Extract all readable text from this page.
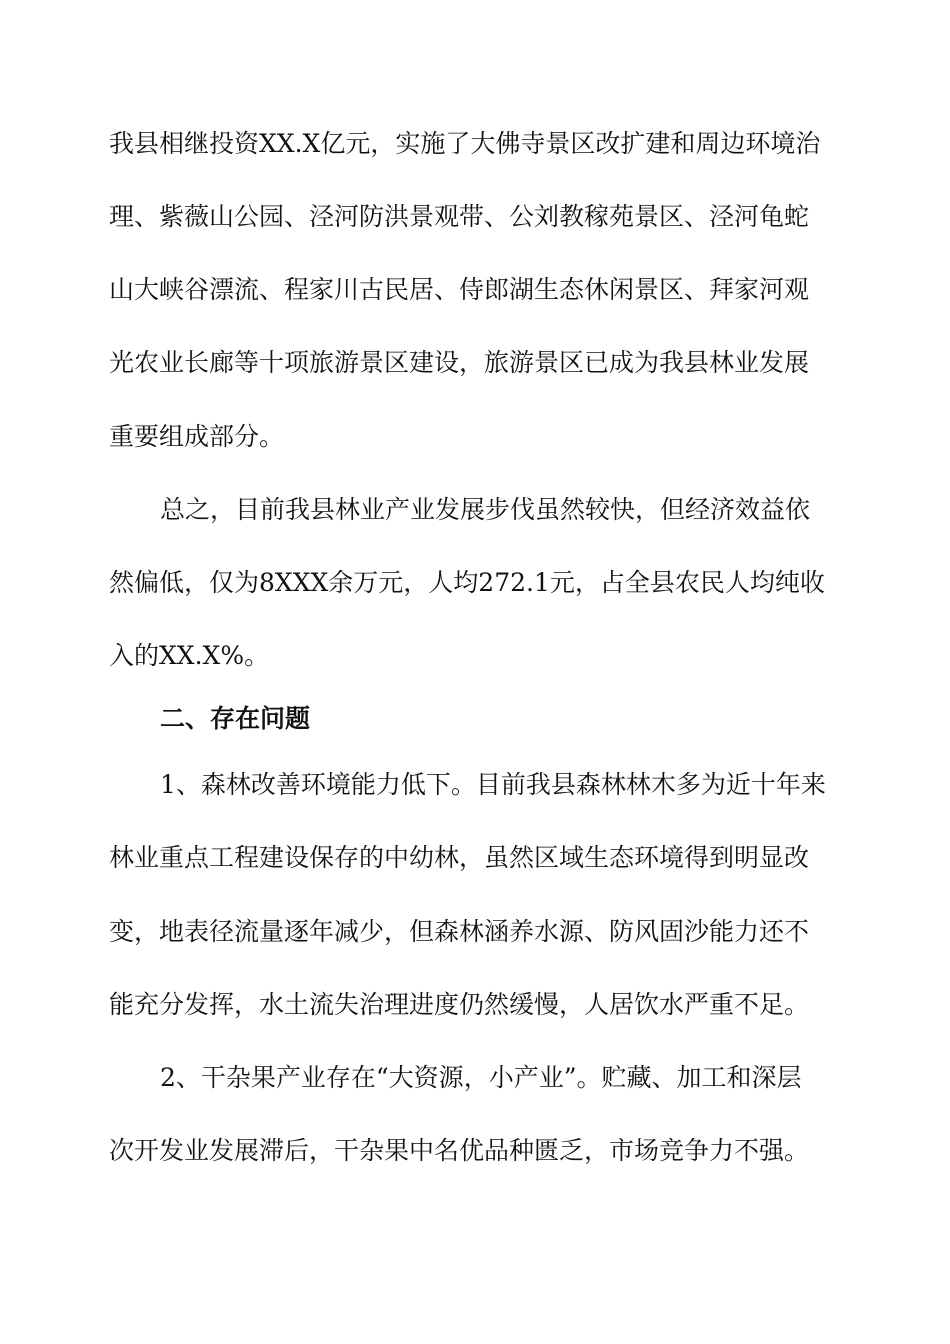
我县相继投资XX.X亿元，实施了大佛寺景区改扩建和周边环境治

理、紫薇山公园、泾河防洪景观带、公刘教稼苑景区、泾河龟蛇

山大峡谷漂流、程家川古民居、侍郎湖生态休闲景区、拜家河观

光农业长廊等十项旅游景区建设，旅游景区已成为我县林业发展

重要组成部分。

总之，目前我县林业产业发展步伐虽然较快，但经济效益依

然偏低，仅为8XXX余万元，人均272.1元，占全县农民人均纯收

入的XX.X%。

二、存在问题

1、森林改善环境能力低下。目前我县森林林木多为近十年来

林业重点工程建设保存的中幼林，虽然区域生态环境得到明显改

变，地表径流量逐年减少，但森林涵养水源、防风固沙能力还不

能充分发挥，水土流失治理进度仍然缓慢，人居饮水严重不足。

2、干杂果产业存在“大资源，小产业”。贮藏、加工和深层

次开发业发展滞后，干杂果中名优品种匮乏，市场竞争力不强。
